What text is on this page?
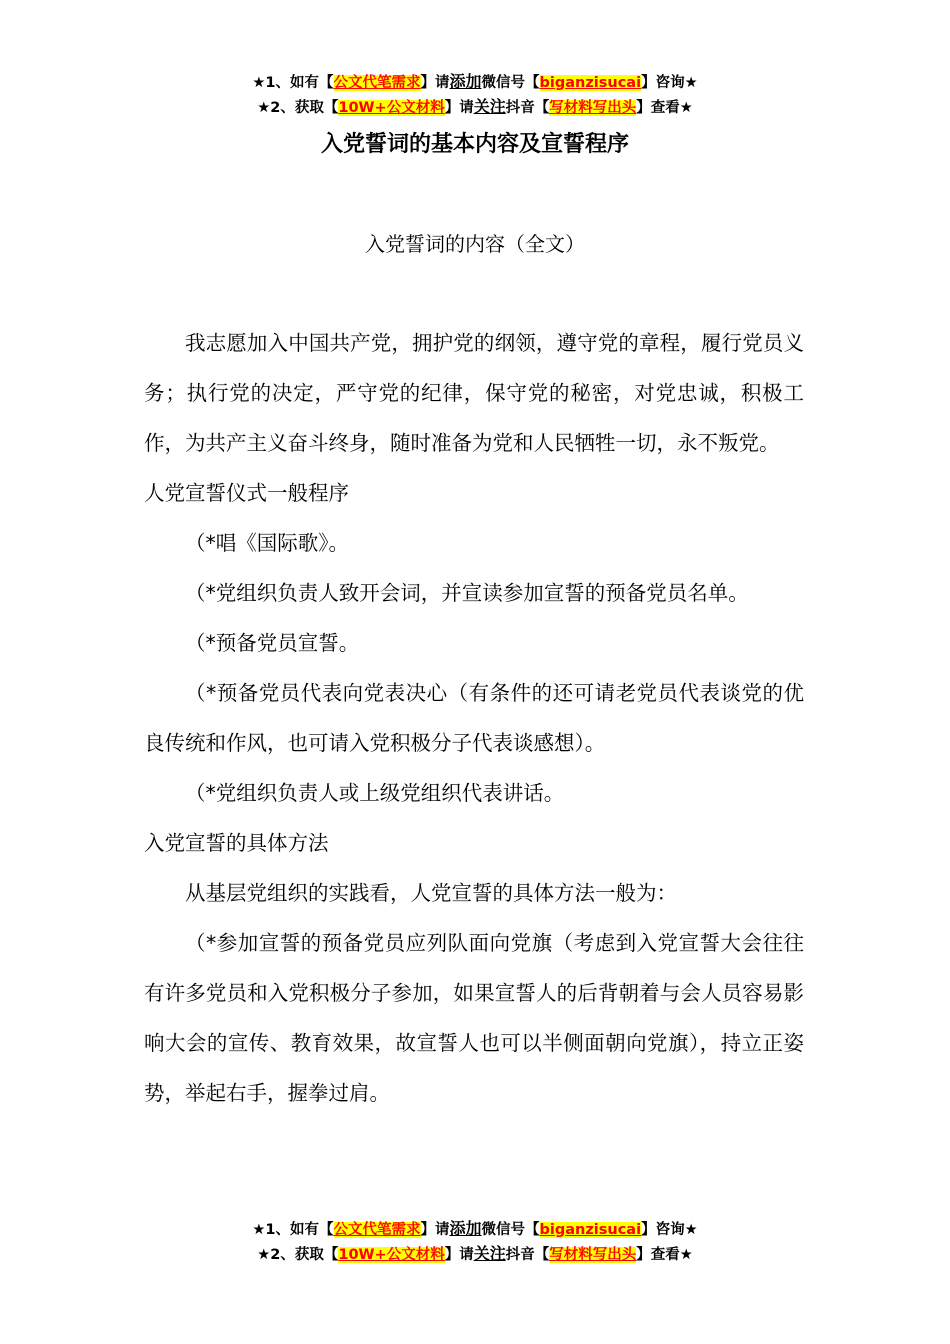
★1、如有【公文代笔需求】请添加微信号【biganzisucai】咨询★
★2、获取【10W+公文材料】请关注抖音【写材料写出头】查看★
入党誓词的基本内容及宣誓程序
入党誓词的内容（全文）

我志愿加入中国共产党，拥护党的纲领，遵守党的章程，履行党员义务；执行党的决定，严守党的纪律，保守党的秘密，对党忠诚，积极工作，为共产主义奋斗终身，随时准备为党和人民牺牲一切，永不叛党。

人党宣誓仪式一般程序

（*唱《国际歌》。

（*党组织负责人致开会词，并宣读参加宣誓的预备党员名单。

（*预备党员宣誓。

（*预备党员代表向党表决心（有条件的还可请老党员代表谈党的优良传统和作风，也可请入党积极分子代表谈感想）。

（*党组织负责人或上级党组织代表讲话。

入党宣誓的具体方法

从基层党组织的实践看，人党宣誓的具体方法一般为：

（*参加宣誓的预备党员应列队面向党旗（考虑到入党宣誓大会往往有许多党员和入党积极分子参加，如果宣誓人的后背朝着与会人员容易影响大会的宣传、教育效果，故宣誓人也可以半侧面朝向党旗），持立正姿势，举起右手，握拳过肩。

★1、如有【公文代笔需求】请添加微信号【biganzisucai】咨询★
★2、获取【10W+公文材料】请关注抖音【写材料写出头】查看★
